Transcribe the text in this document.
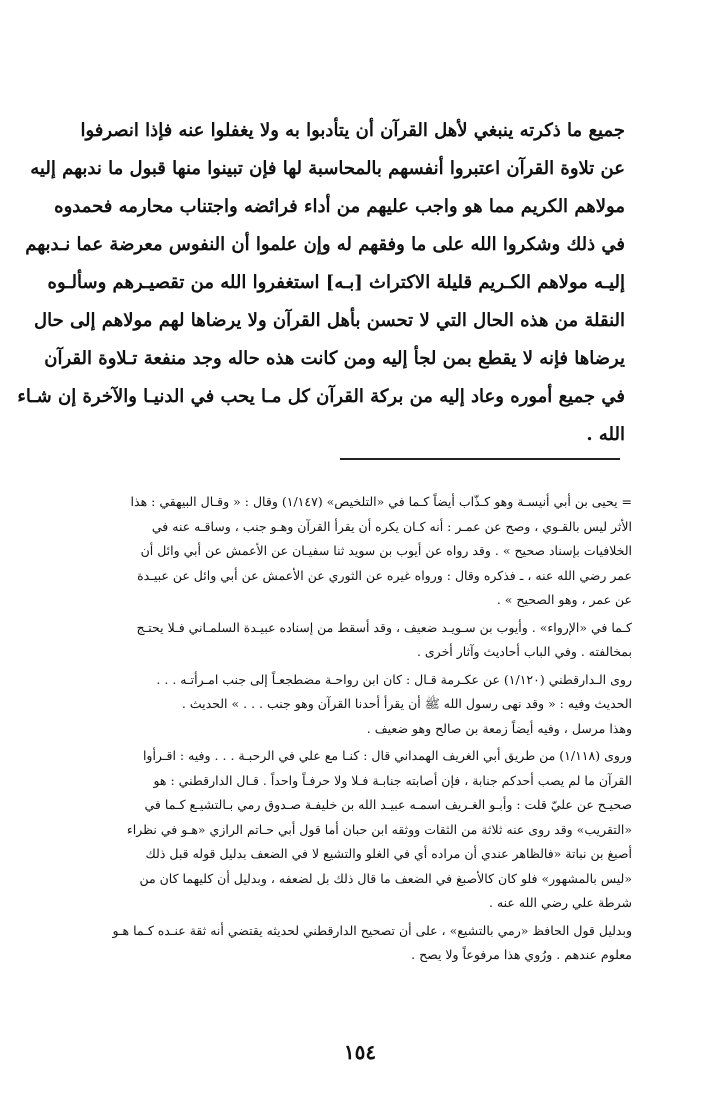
جميع ما ذكرته ينبغي لأهل القرآن أن يتأدبوا به ولا يغفلوا عنه فإذا انصرفوا
عن تلاوة القرآن اعتبروا أنفسهم بالمحاسبة لها فإن تبينوا منها قبول ما ندبهم إليه
مولاهم الكريم مما هو واجب عليهم من أداء فرائضه واجتناب محارمه فحمدوه
في ذلك وشكروا الله على ما وفقهم له وإن علموا أن النفوس معرضة عما نـدبهم
إليـه مولاهم الكـريم قليلة الاكتراث [بـه] استغفروا الله من تقصيـرهم وسألـوه
النقلة من هذه الحال التي لا تحسن بأهل القرآن ولا يرضاها لهم مولاهم إلى حال
يرضاها فإنه لا يقطع بمن لجأ إليه ومن كانت هذه حاله وجد منفعة تـلاوة القرآن
في جميع أموره وعاد إليه من بركة القرآن كل مـا يحب في الدنيـا والآخرة إن شـاء
الله .
= يحيى بن أبي أنيسـة وهو كـذّاب أيضاً كـما في «التلخيص» (١/١٤٧) وقال : « وقـال البيهقي : هذا
الأثر ليس بالقـوي ، وصح عن عمـر : أنه كـان يكره أن يقرأ القرآن وهـو جنب ، وساقـه عنه في
الخلافيات بإسناد صحيح » . وقد رواه عن أيوب بن سويد ثنا سفيـان عن الأعمش عن أبي وائل أن
عمر رضي الله عنه ، ـ فذكره وقال : ورواه غيره عن الثوري عن الأعمش عن أبي وائل عن عبيـدة
عن عمر ، وهو الصحيح » .
كـما في «الإرواء» . وأيوب بن سـويـد ضعيف ، وقد أسقط من إسناده عبيـدة السلمـاني فـلا يحتـج
بمخالفته . وفي الباب أحاديث وآثار أخرى .
روى الـدارقطني (١/١٢٠) عن عكـرمة قـال : كان ابن رواحـة مضطجعـاً إلى جنب امـرأتـه . . .
الحديث وفيه : « وقد نهى رسول الله ﷺ أن يقرأ أحدنا القرآن وهو جنب . . . » الحديث .
وهذا مرسل ، وفيه أيضاً زمعة بن صالح وهو ضعيف .
وروى (١/١١٨) من طريق أبي الغريف الهمداني قال : كنـا مع علي في الرحبـة . . . وفيه : اقـرأوا
القرآن ما لم يصب أحدكم جنابة ، فإن أصابته جنابـة فـلا ولا حرفـاً واحداً . قـال الدارقطني : هو
صحيـح عن عليّ قلت : وأبـو الغـريف اسمـه عبيـد الله بن خليفـة صـدوق رمي بـالتشيـع كـما في
«التقريب» وقد روى عنه ثلاثة من الثقات ووثقه ابن حبان أما قول أبي حـاتم الرازي «هـو في نظراء
أصبغ بن نباتة «فالظاهر عندي أن مراده أي في الغلو والتشيع لا في الضعف بدليل قوله قبل ذلك
«ليس بالمشهور» فلو كان كالأصبغ في الضعف ما قال ذلك بل لضعفه ، وبدليل أن كليهما كان من
شرطة علي رضي الله عنه .
وبدليل قول الحافظ «رمي بالتشيع» ، على أن تصحيح الدارقطني لحديثه يقتضي أنه ثقة عنـده كـما هـو
معلوم عندهم . ورُوي هذا مرفوعاً ولا يصح .
١٥٤
